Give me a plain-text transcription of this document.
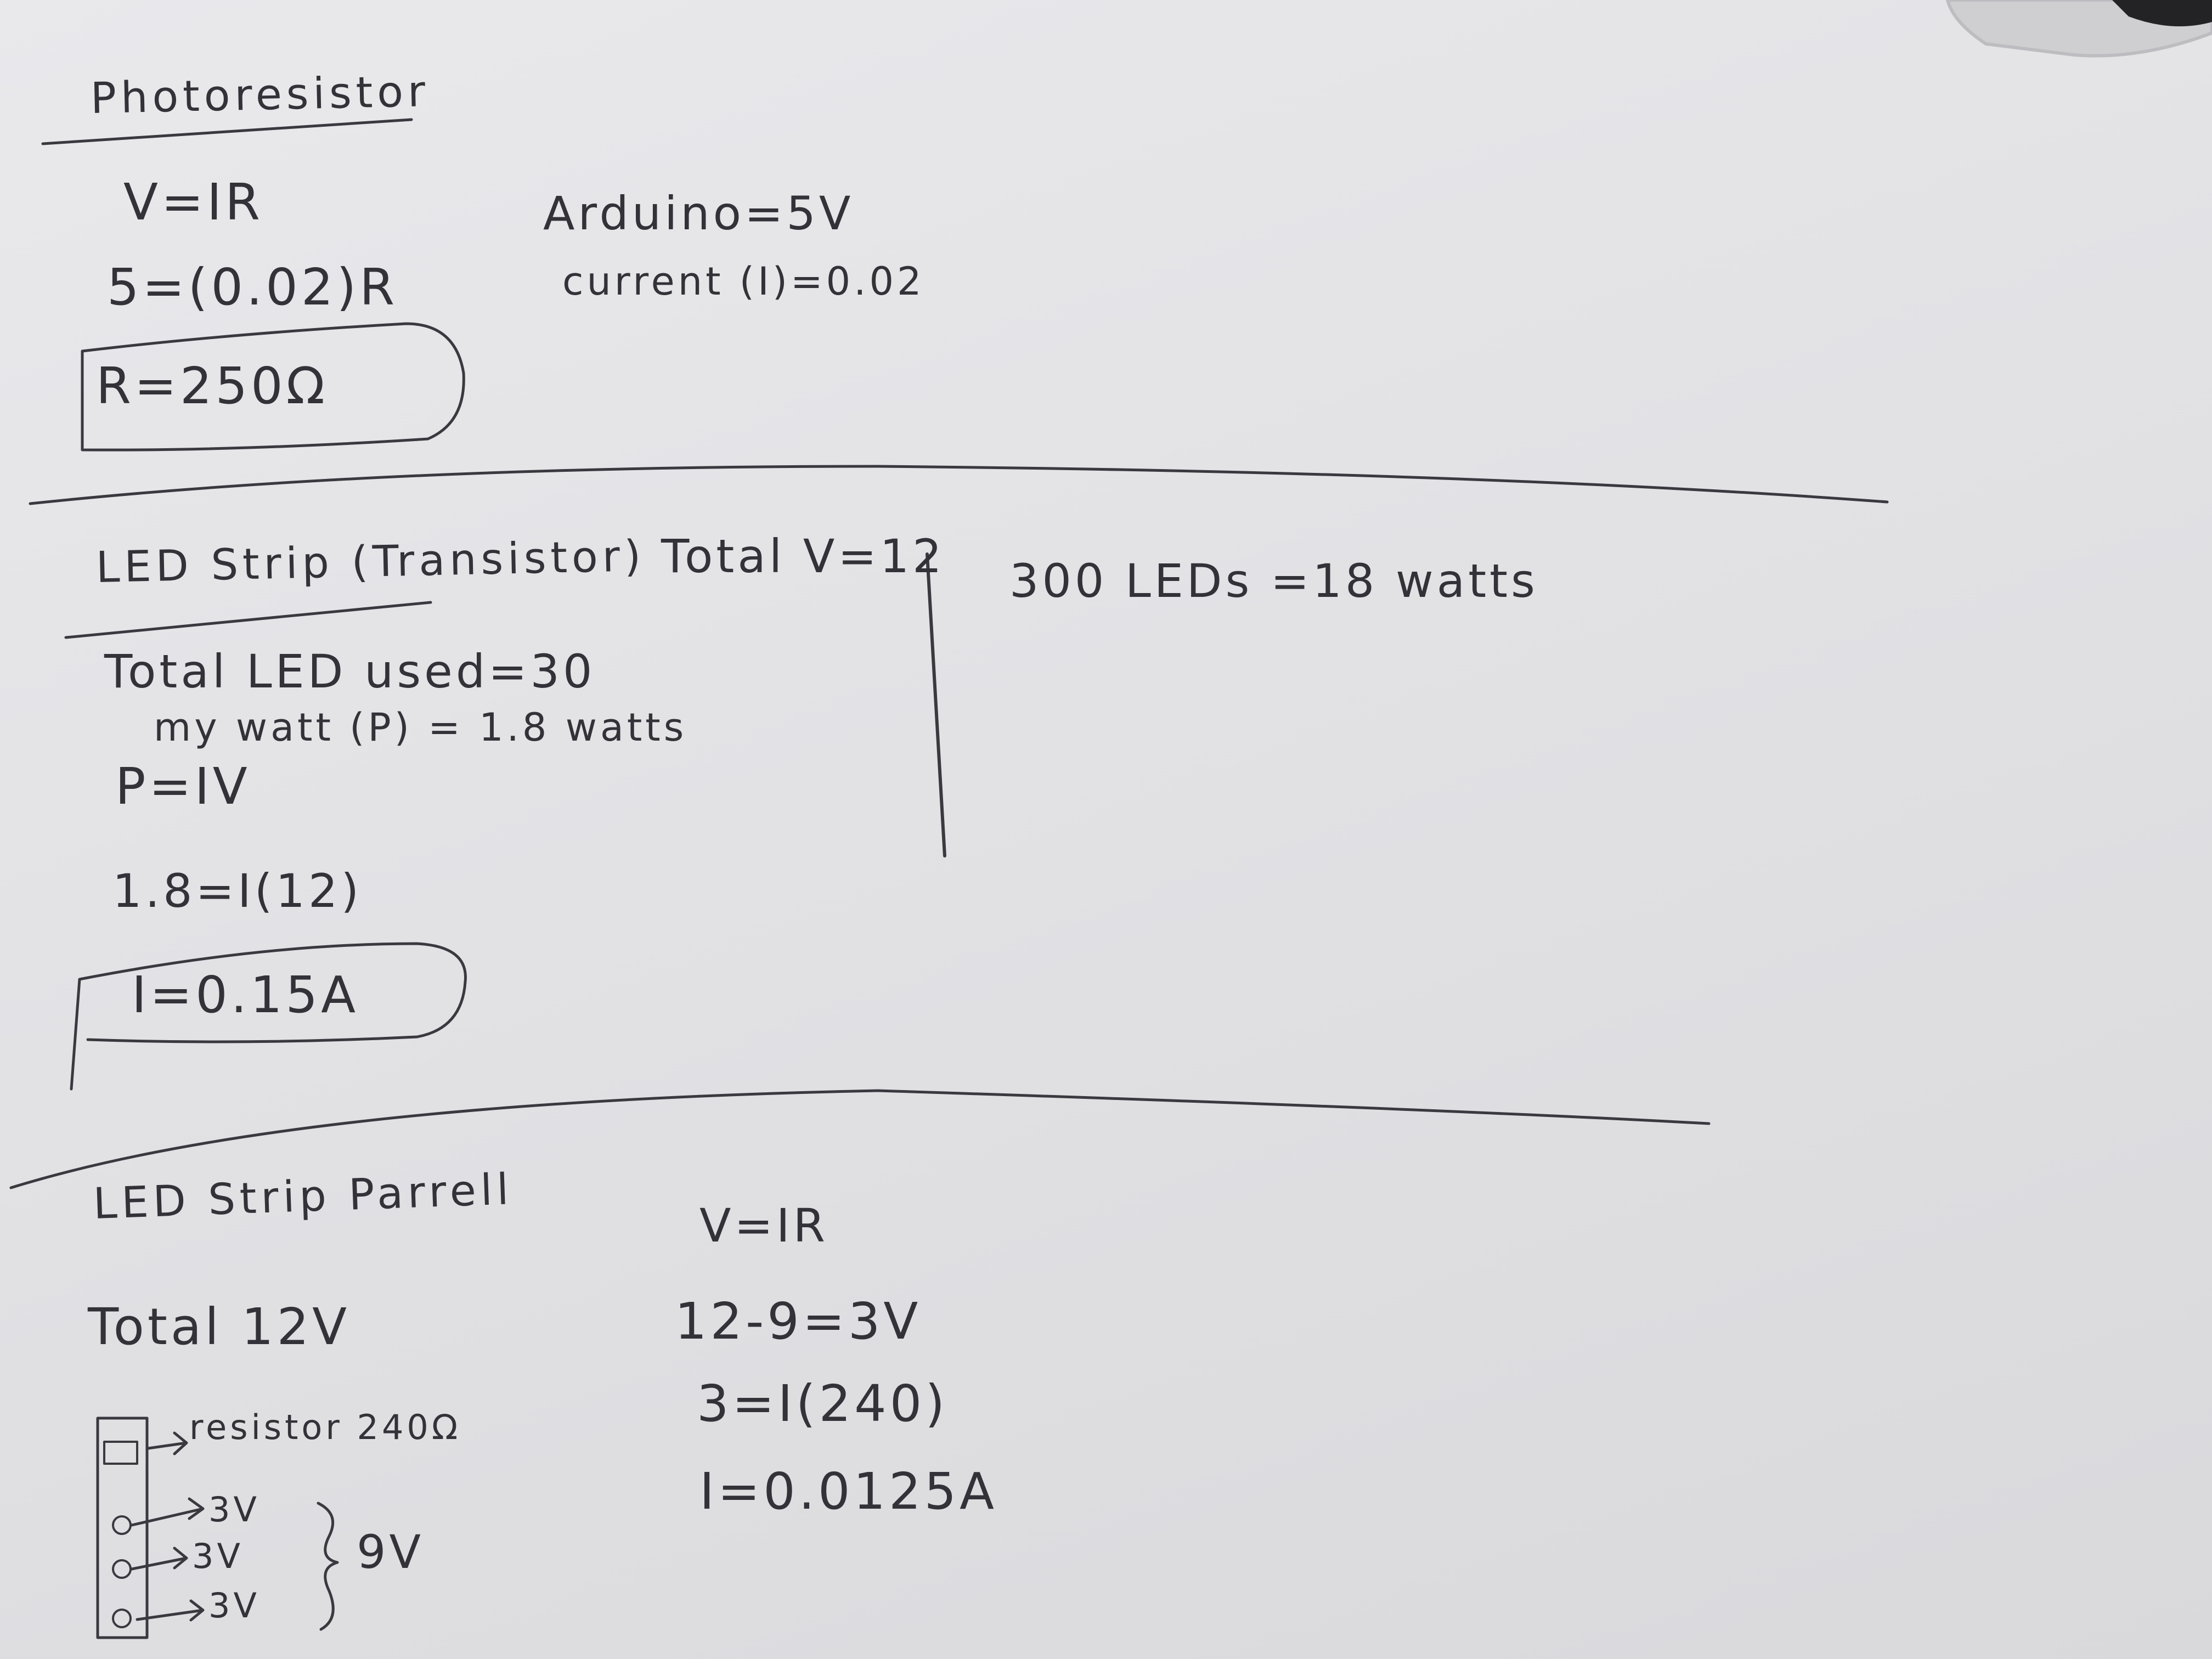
Photoresistor
V=IR
5=(0.02)R
R=250Ω
Arduino=5V
current (I)=0.02
LED Strip (Transistor) Total V=12 300 LEDs =18 watts
Total LED used=30
my watt (P) = 1.8 watts
P=IV
1.8=I(12)
I=0.15A
LED Strip Parrell
Total 12V
resistor 240Ω
3V
3V
3V
9V
V=IR
12-9=3V
3=I(240)
I=0.0125A
